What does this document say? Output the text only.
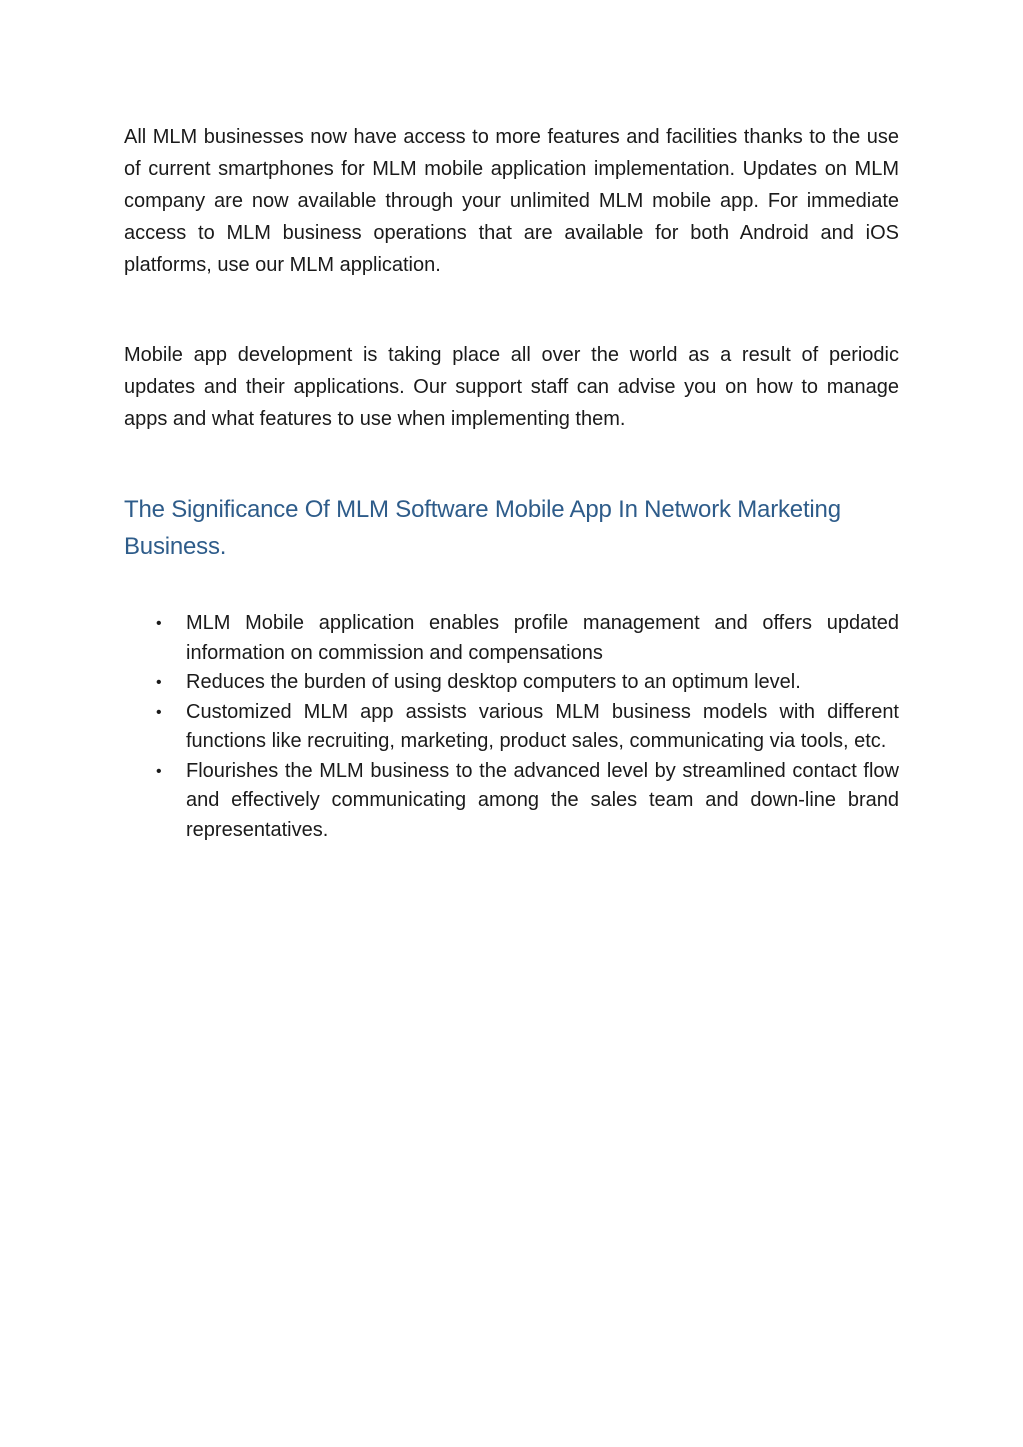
All MLM businesses now have access to more features and facilities thanks to the use of current smartphones for MLM mobile application implementation. Updates on MLM company are now available through your unlimited MLM mobile app. For immediate access to MLM business operations that are available for both Android and iOS platforms, use our MLM application.

Mobile app development is taking place all over the world as a result of periodic updates and their applications. Our support staff can advise you on how to manage apps and what features to use when implementing them.

The Significance Of MLM Software Mobile App In Network Marketing Business.
• MLM Mobile application enables profile management and offers updated information on commission and compensations
• Reduces the burden of using desktop computers to an optimum level.
• Customized MLM app assists various MLM business models with different functions like recruiting, marketing, product sales, communicating via tools, etc.
• Flourishes the MLM business to the advanced level by streamlined contact flow and effectively communicating among the sales team and down-line brand representatives.
